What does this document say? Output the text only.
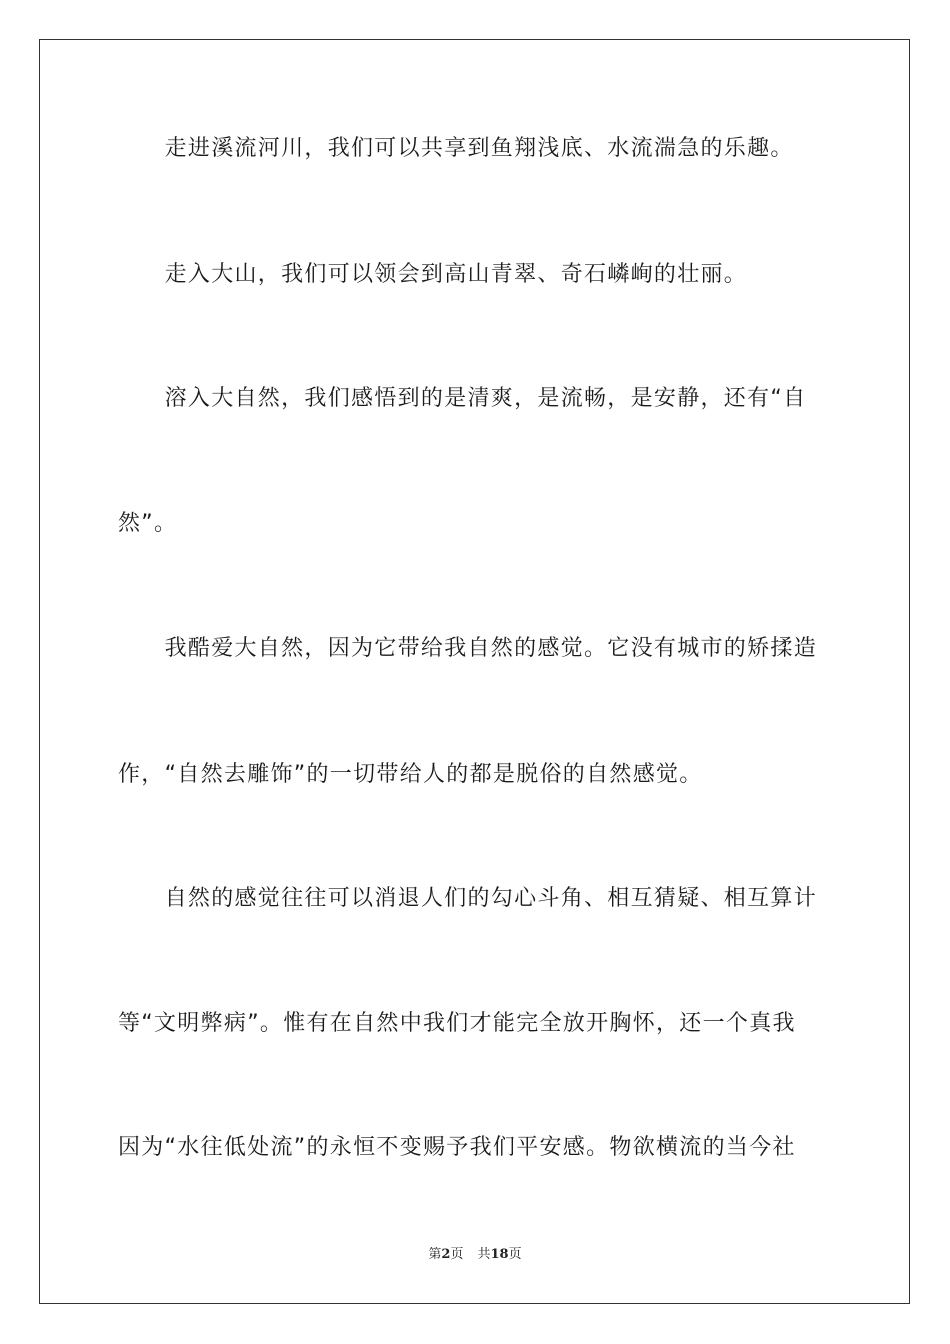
　　走进溪流河川，我们可以共享到鱼翔浅底、水流湍急的乐趣。
　　走入大山，我们可以领会到高山青翠、奇石嶙峋的壮丽。
　　溶入大自然，我们感悟到的是清爽，是流畅，是安静，还有“自
然”。
　　我酷爱大自然，因为它带给我自然的感觉。它没有城市的矫揉造
作，“自然去雕饰”的一切带给人的都是脱俗的自然感觉。
　　自然的感觉往往可以消退人们的勾心斗角、相互猜疑、相互算计
等“文明弊病”。惟有在自然中我们才能完全放开胸怀，还一个真我
因为“水往低处流”的永恒不变赐予我们平安感。物欲横流的当今社
第2页 共18页
